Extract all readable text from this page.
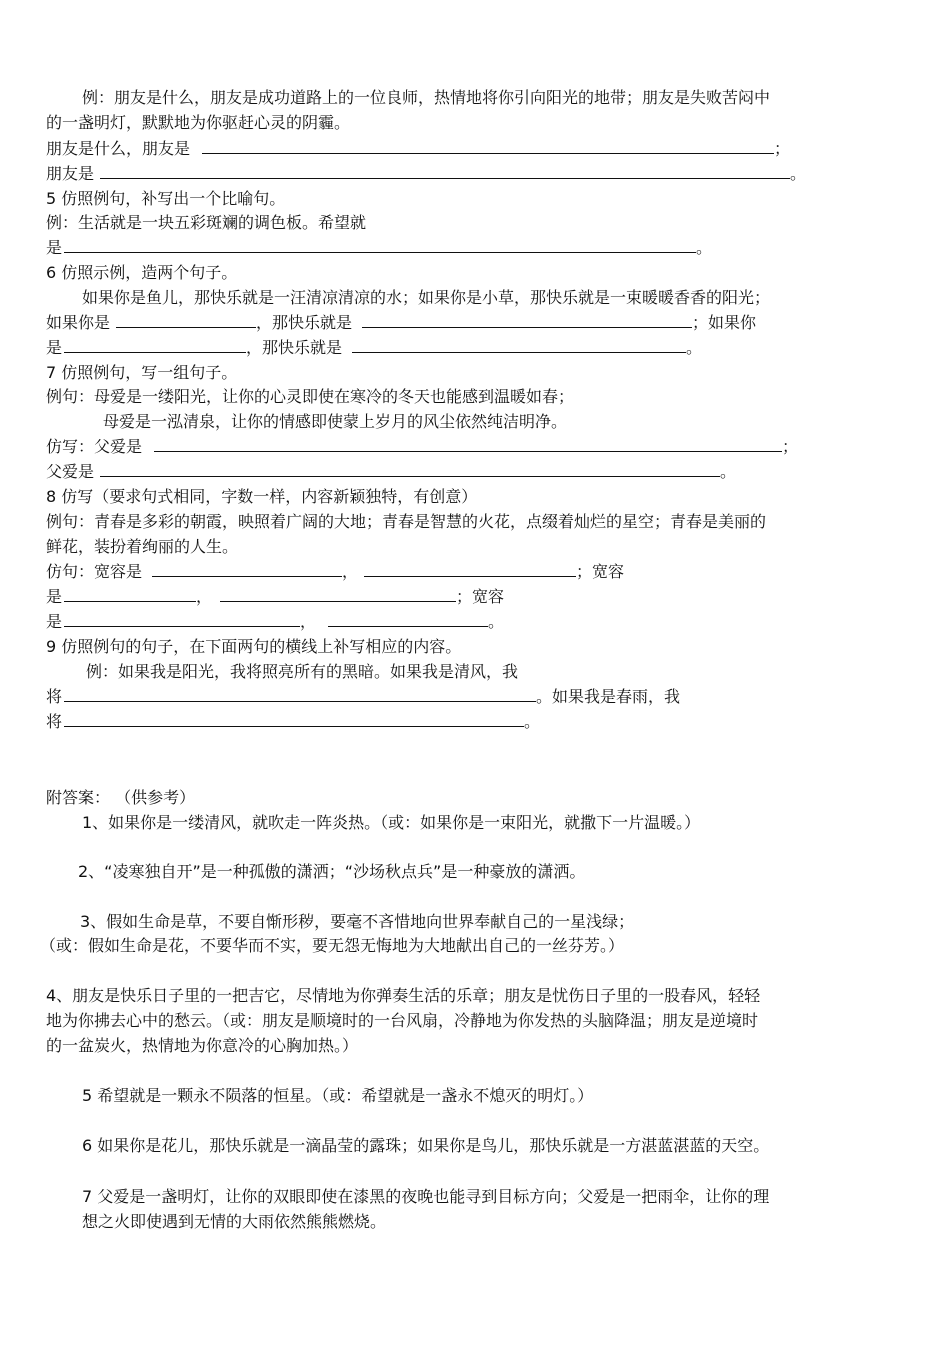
例：朋友是什么，朋友是成功道路上的一位良师，热情地将你引向阳光的地带；朋友是失败苦闷中
的一盏明灯，默默地为你驱赶心灵的阴霾。
朋友是什么，朋友是	；
朋友是	。
5 仿照例句，补写出一个比喻句。
例：生活就是一块五彩斑斓的调色板。希望就
是	。
6 仿照示例，造两个句子。
如果你是鱼儿，那快乐就是一汪清凉清凉的水；如果你是小草，那快乐就是一束暖暖香香的阳光；
如果你是	，那快乐就是	；如果你
是	，那快乐就是	。
7 仿照例句，写一组句子。
例句：母爱是一缕阳光，让你的心灵即使在寒冷的冬天也能感到温暖如春；
母爱是一泓清泉，让你的情感即使蒙上岁月的风尘依然纯洁明净。
仿写：父爱是	；
父爱是	。
8 仿写（要求句式相同，字数一样，内容新颖独特，有创意）
例句：青春是多彩的朝霞，映照着广阔的大地；青春是智慧的火花，点缀着灿烂的星空；青春是美丽的
鲜花，装扮着绚丽的人生。
仿句：宽容是	，	；宽容
是	，	；宽容
是	，	。
9 仿照例句的句子，在下面两句的横线上补写相应的内容。
例：如果我是阳光，我将照亮所有的黑暗。如果我是清风，我
将	。如果我是春雨，我
将	。
附答案： （供参考）
1、如果你是一缕清风，就吹走一阵炎热。（或：如果你是一束阳光，就撒下一片温暖。）
2、“凌寒独自开”是一种孤傲的潇洒；“沙场秋点兵”是一种豪放的潇洒。
3、假如生命是草，不要自惭形秽，要毫不吝惜地向世界奉献自己的一星浅绿；
（或：假如生命是花，不要华而不实，要无怨无悔地为大地献出自己的一丝芬芳。）
4、朋友是快乐日子里的一把吉它，尽情地为你弹奏生活的乐章；朋友是忧伤日子里的一股春风，轻轻
地为你拂去心中的愁云。（或：朋友是顺境时的一台风扇，冷静地为你发热的头脑降温；朋友是逆境时
的一盆炭火，热情地为你意冷的心胸加热。）
5 希望就是一颗永不陨落的恒星。（或：希望就是一盏永不熄灭的明灯。）
6 如果你是花儿，那快乐就是一滴晶莹的露珠；如果你是鸟儿，那快乐就是一方湛蓝湛蓝的天空。
7 父爱是一盏明灯，让你的双眼即使在漆黑的夜晚也能寻到目标方向；父爱是一把雨伞，让你的理
想之火即使遇到无情的大雨依然熊熊燃烧。
